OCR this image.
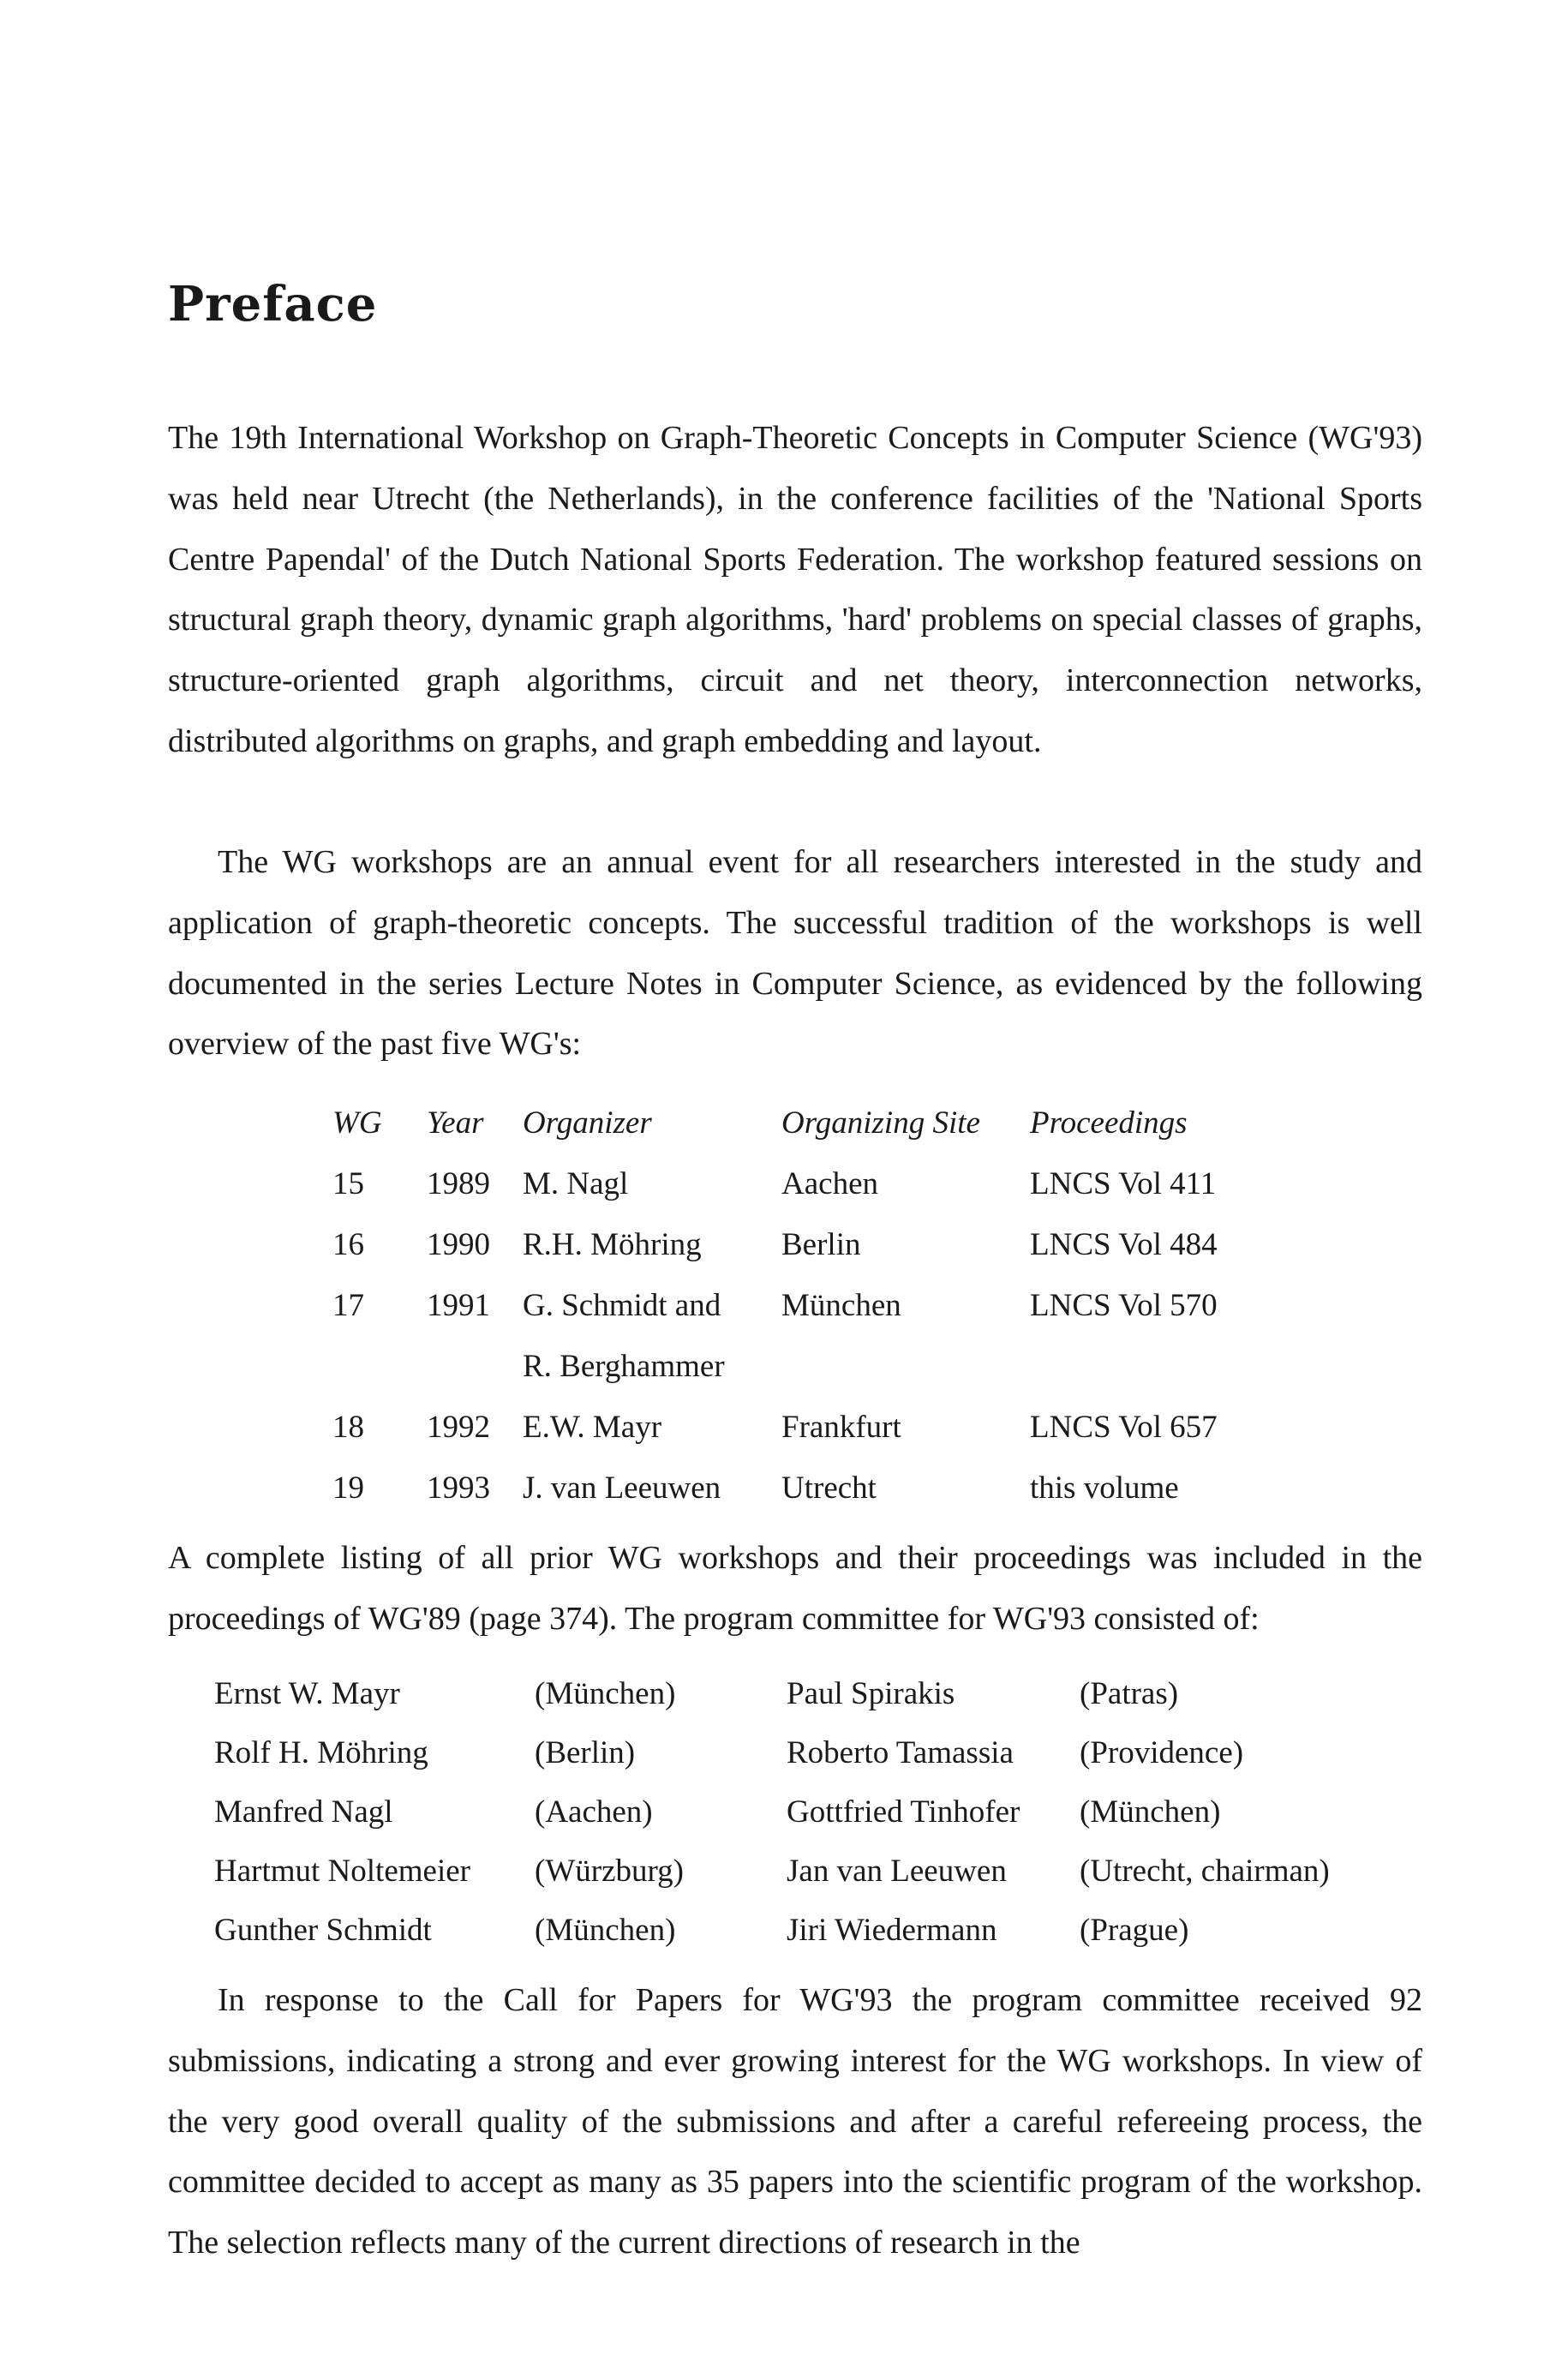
Preface

The 19th International Workshop on Graph-Theoretic Concepts in Computer Science (WG'93) was held near Utrecht (the Netherlands), in the conference facilities of the 'National Sports Centre Papendal' of the Dutch National Sports Federation. The workshop featured sessions on structural graph theory, dynamic graph algorithms, 'hard' problems on special classes of graphs, structure-oriented graph algorithms, circuit and net theory, interconnection networks, distributed algorithms on graphs, and graph embedding and layout.

The WG workshops are an annual event for all researchers interested in the study and application of graph-theoretic concepts. The successful tradition of the workshops is well documented in the series Lecture Notes in Computer Science, as evidenced by the following overview of the past five WG's:

WG	Year	Organizer	Organizing Site	Proceedings
15	1989	M. Nagl	Aachen	LNCS Vol 411
16	1990	R.H. Möhring	Berlin	LNCS Vol 484
17	1991	G. Schmidt and	München	LNCS Vol 570
		R. Berghammer		
18	1992	E.W. Mayr	Frankfurt	LNCS Vol 657
19	1993	J. van Leeuwen	Utrecht	this volume

A complete listing of all prior WG workshops and their proceedings was included in the proceedings of WG'89 (page 374). The program committee for WG'93 consisted of:

Ernst W. Mayr	(München)	Paul Spirakis	(Patras)
Rolf H. Möhring	(Berlin)	Roberto Tamassia	(Providence)
Manfred Nagl	(Aachen)	Gottfried Tinhofer	(München)
Hartmut Noltemeier	(Würzburg)	Jan van Leeuwen	(Utrecht, chairman)
Gunther Schmidt	(München)	Jiri Wiedermann	(Prague)

In response to the Call for Papers for WG'93 the program committee received 92 submissions, indicating a strong and ever growing interest for the WG workshops. In view of the very good overall quality of the submissions and after a careful refereeing process, the committee decided to accept as many as 35 papers into the scientific program of the workshop. The selection reflects many of the current directions of research in the
